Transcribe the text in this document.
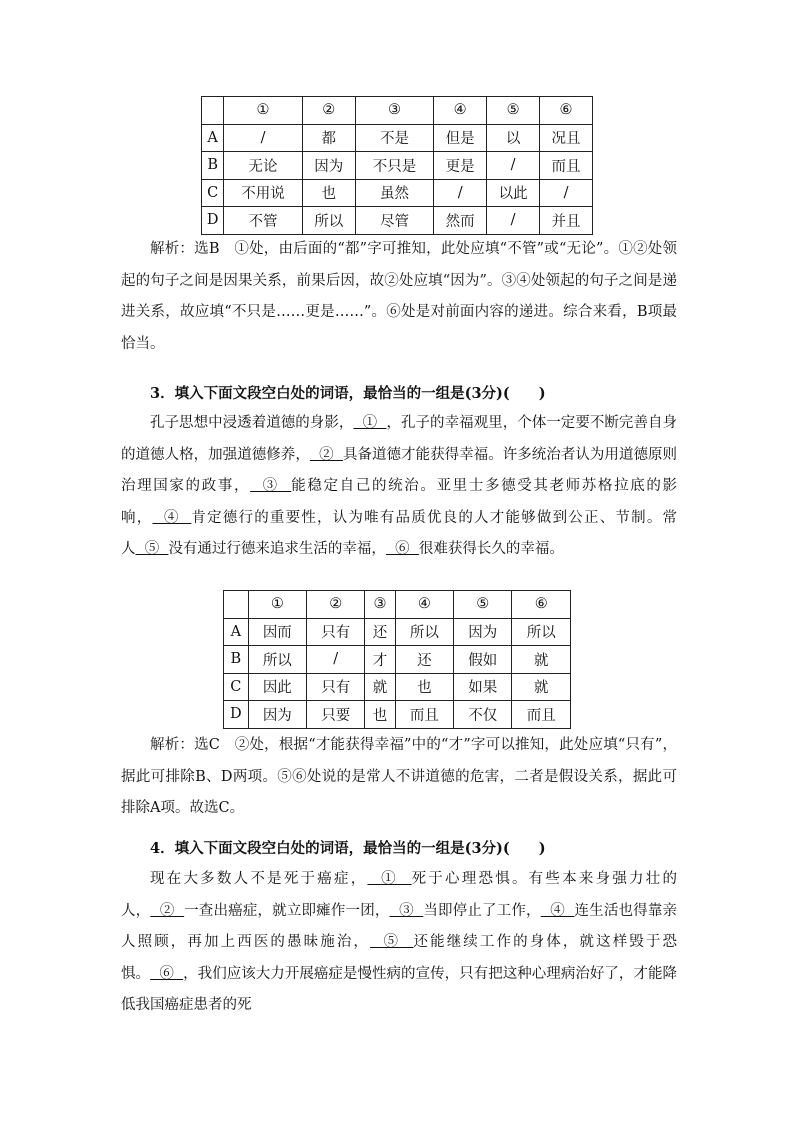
	①	②	③	④	⑤	⑥
A	/	都	不是	但是	以	况且
B	无论	因为	不只是	更是	/	而且
C	不用说	也	虽然	/	以此	/
D	不管	所以	尽管	然而	/	并且

解析：选B　①处，由后面的“都”字可推知，此处应填“不管”或“无论”。①②处领起的句子之间是因果关系，前果后因，故②处应填“因为”。③④处领起的句子之间是递进关系，故应填“不只是……更是……”。⑥处是对前面内容的递进。综合来看，B项最恰当。

3．填入下面文段空白处的词语，最恰当的一组是(3分)(　　)

孔子思想中浸透着道德的身影，  ①  ，孔子的幸福观里，个体一定要不断完善自身的道德人格，加强道德修养，  ②  具备道德才能获得幸福。许多统治者认为用道德原则治理国家的政事，  ③  能稳定自己的统治。亚里士多德受其老师苏格拉底的影响，  ④  肯定德行的重要性，认为唯有品质优良的人才能够做到公正、节制。常人  ⑤  没有通过行德来追求生活的幸福，  ⑥  很难获得长久的幸福。

	①	②	③	④	⑤	⑥
A	因而	只有	还	所以	因为	所以
B	所以	/	才	还	假如	就
C	因此	只有	就	也	如果	就
D	因为	只要	也	而且	不仅	而且

解析：选C　②处，根据“才能获得幸福”中的“才”字可以推知，此处应填“只有”，据此可排除B、D两项。⑤⑥处说的是常人不讲道德的危害，二者是假设关系，据此可排除A项。故选C。

4．填入下面文段空白处的词语，最恰当的一组是(3分)(　　)

现在大多数人不是死于癌症，  ①  死于心理恐惧。有些本来身强力壮的人，  ②  一查出癌症，就立即瘫作一团，  ③  当即停止了工作，  ④  连生活也得靠亲人照顾，再加上西医的愚昧施治，  ⑤  还能继续工作的身体，就这样毁于恐惧。  ⑥  ，我们应该大力开展癌症是慢性病的宣传，只有把这种心理病治好了，才能降低我国癌症患者的死
